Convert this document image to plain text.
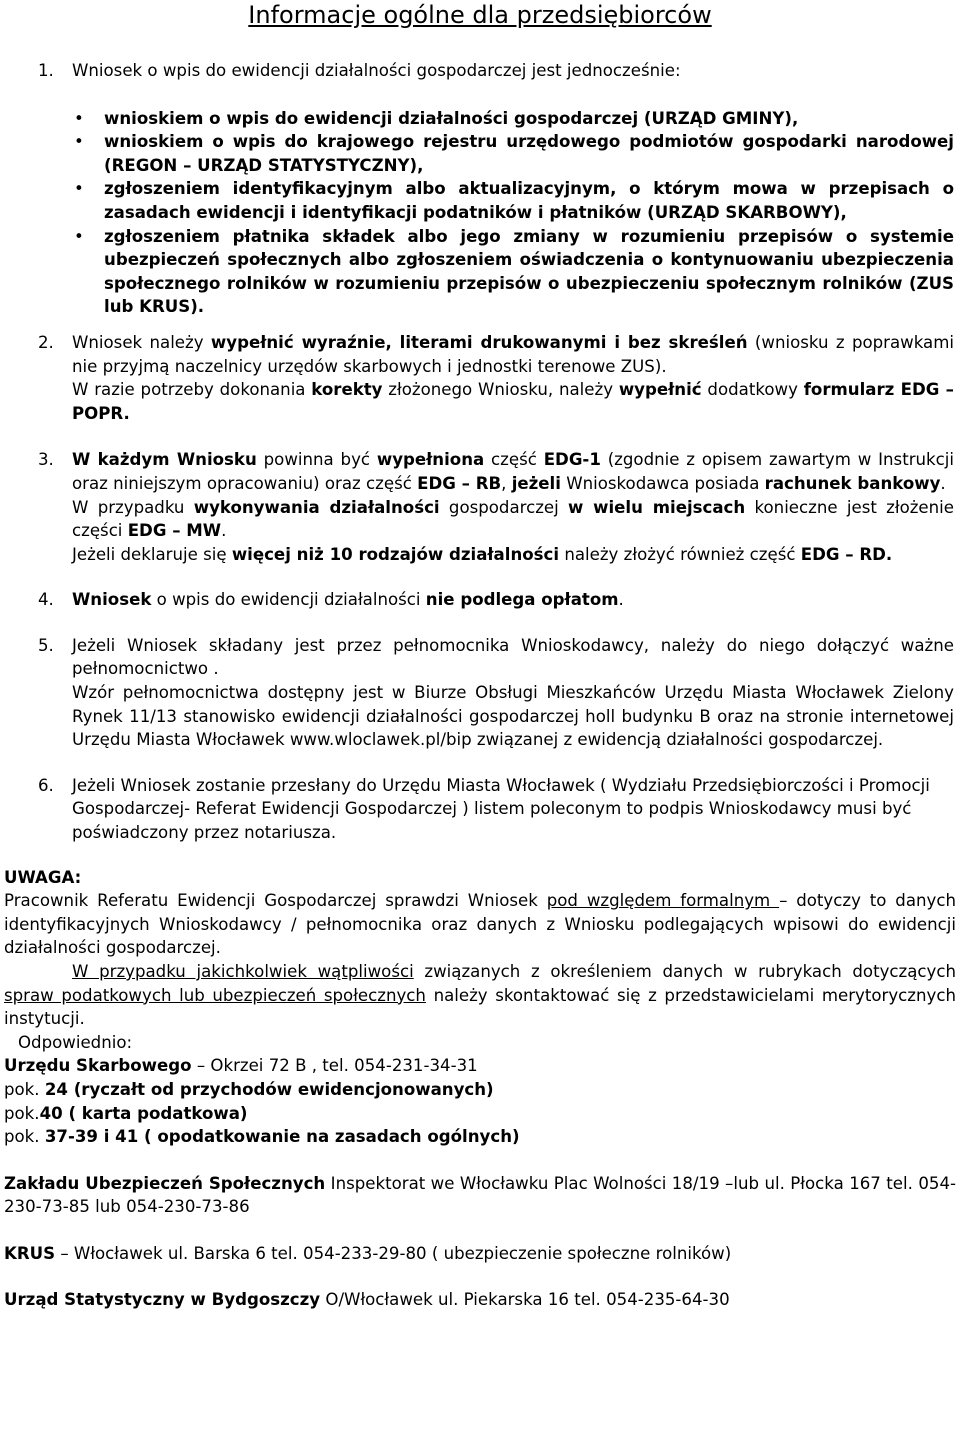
Informacje ogólne dla przedsiębiorców
1. Wniosek o wpis do ewidencji działalności gospodarczej jest jednocześnie:
• wnioskiem o wpis do ewidencji działalności gospodarczej (URZĄD GMINY),
• wnioskiem o wpis do krajowego rejestru urzędowego podmiotów gospodarki narodowej (REGON – URZĄD STATYSTYCZNY),
• zgłoszeniem identyfikacyjnym albo aktualizacyjnym, o którym mowa w przepisach o zasadach ewidencji i identyfikacji podatników i płatników (URZĄD SKARBOWY),
• zgłoszeniem płatnika składek albo jego zmiany w rozumieniu przepisów o systemie ubezpieczeń społecznych albo zgłoszeniem oświadczenia o kontynuowaniu ubezpieczenia społecznego rolników w rozumieniu przepisów o ubezpieczeniu społecznym rolników (ZUS lub KRUS).
2. Wniosek należy wypełnić wyraźnie, literami drukowanymi i bez skreśleń (wniosku z poprawkami nie przyjmą naczelnicy urzędów skarbowych i jednostki terenowe ZUS).

W razie potrzeby dokonania korekty złożonego Wniosku, należy wypełnić dodatkowy formularz EDG – POPR.

3. W każdym Wniosku powinna być wypełniona część EDG-1 (zgodnie z opisem zawartym w Instrukcji oraz niniejszym opracowaniu) oraz część EDG – RB, jeżeli Wnioskodawca posiada rachunek bankowy.

W przypadku wykonywania działalności gospodarczej w wielu miejscach konieczne jest złożenie części EDG – MW.

Jeżeli deklaruje się więcej niż 10 rodzajów działalności należy złożyć również część EDG – RD.

4. Wniosek o wpis do ewidencji działalności nie podlega opłatom.

5. Jeżeli Wniosek składany jest przez pełnomocnika Wnioskodawcy, należy do niego dołączyć ważne pełnomocnictwo .

Wzór pełnomocnictwa dostępny jest w Biurze Obsługi Mieszkańców Urzędu Miasta Włocławek Zielony Rynek 11/13 stanowisko ewidencji działalności gospodarczej holl budynku B oraz na stronie internetowej Urzędu Miasta Włocławek www.wloclawek.pl/bip związanej z ewidencją działalności gospodarczej.

6. Jeżeli Wniosek zostanie przesłany do Urzędu Miasta Włocławek ( Wydziału Przedsiębiorczości i Promocji Gospodarczej- Referat Ewidencji Gospodarczej ) listem poleconym to podpis Wnioskodawcy musi być poświadczony przez notariusza.

UWAGA:

Pracownik Referatu Ewidencji Gospodarczej sprawdzi Wniosek pod względem formalnym – dotyczy to danych identyfikacyjnych Wnioskodawcy / pełnomocnika oraz danych z Wniosku podlegających wpisowi do ewidencji działalności gospodarczej.

W przypadku jakichkolwiek wątpliwości związanych z określeniem danych w rubrykach dotyczących spraw podatkowych lub ubezpieczeń społecznych należy skontaktować się z przedstawicielami merytorycznych instytucji.

Odpowiednio:

Urzędu Skarbowego – Okrzei 72 B , tel. 054-231-34-31

pok. 24 (ryczałt od przychodów ewidencjonowanych)

pok.40 ( karta podatkowa)

pok. 37-39 i 41 ( opodatkowanie na zasadach ogólnych)

Zakładu Ubezpieczeń Społecznych Inspektorat we Włocławku Plac Wolności 18/19 –lub ul. Płocka 167 tel. 054-230-73-85 lub 054-230-73-86

KRUS – Włocławek ul. Barska 6 tel. 054-233-29-80 ( ubezpieczenie społeczne rolników)

Urząd Statystyczny w Bydgoszczy O/Włocławek ul. Piekarska 16 tel. 054-235-64-30
